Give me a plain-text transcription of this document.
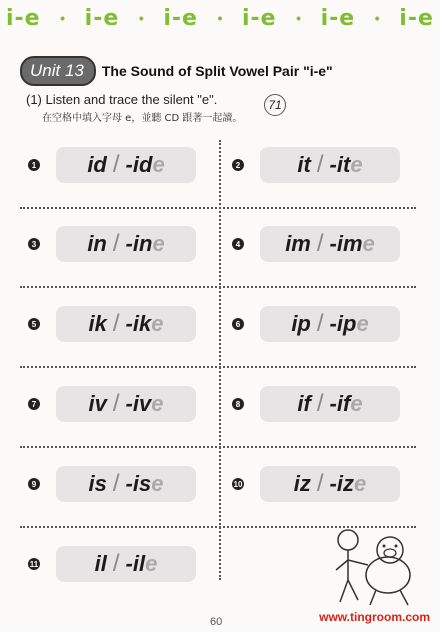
i-e • i-e • i-e • i-e • i-e • i-e
Unit 13	The Sound of Split Vowel Pair "i-e"
(1) Listen and trace the silent "e".
在空格中填入字母 e，並聽 CD 跟著一起讀。
71
1 id / -id e	2	it / -it e
3 in / -in e	4 im / -im e
5 ik / -ik e	6 ip / -ip e
7 iv / -iv e	8	if / -if e
9 is / -is e	10 iz / -iz e
11	il / -il e
60	www.tingroom.com
